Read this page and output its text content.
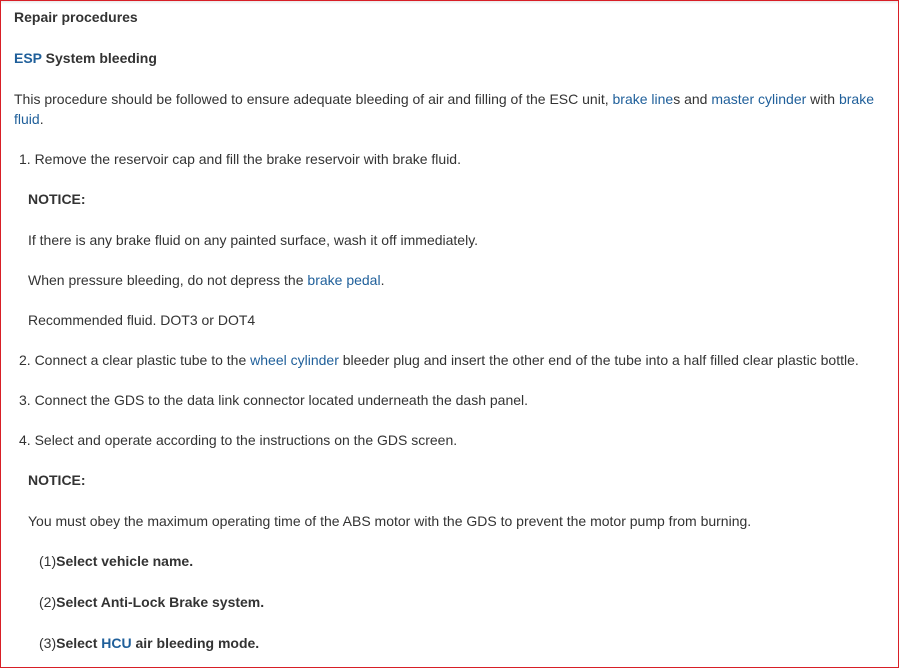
Repair procedures
ESP System bleeding
This procedure should be followed to ensure adequate bleeding of air and filling of the ESC unit, brake lines and master cylinder with brake
fluid.
1. Remove the reservoir cap and fill the brake reservoir with brake fluid.
NOTICE:
If there is any brake fluid on any painted surface, wash it off immediately.
When pressure bleeding, do not depress the brake pedal.
Recommended fluid. DOT3 or DOT4
2. Connect a clear plastic tube to the wheel cylinder bleeder plug and insert the other end of the tube into a half filled clear plastic bottle.
3. Connect the GDS to the data link connector located underneath the dash panel.
4. Select and operate according to the instructions on the GDS screen.
NOTICE:
You must obey the maximum operating time of the ABS motor with the GDS to prevent the motor pump from burning.
(1)Select vehicle name.
(2)Select Anti-Lock Brake system.
(3)Select HCU air bleeding mode.
